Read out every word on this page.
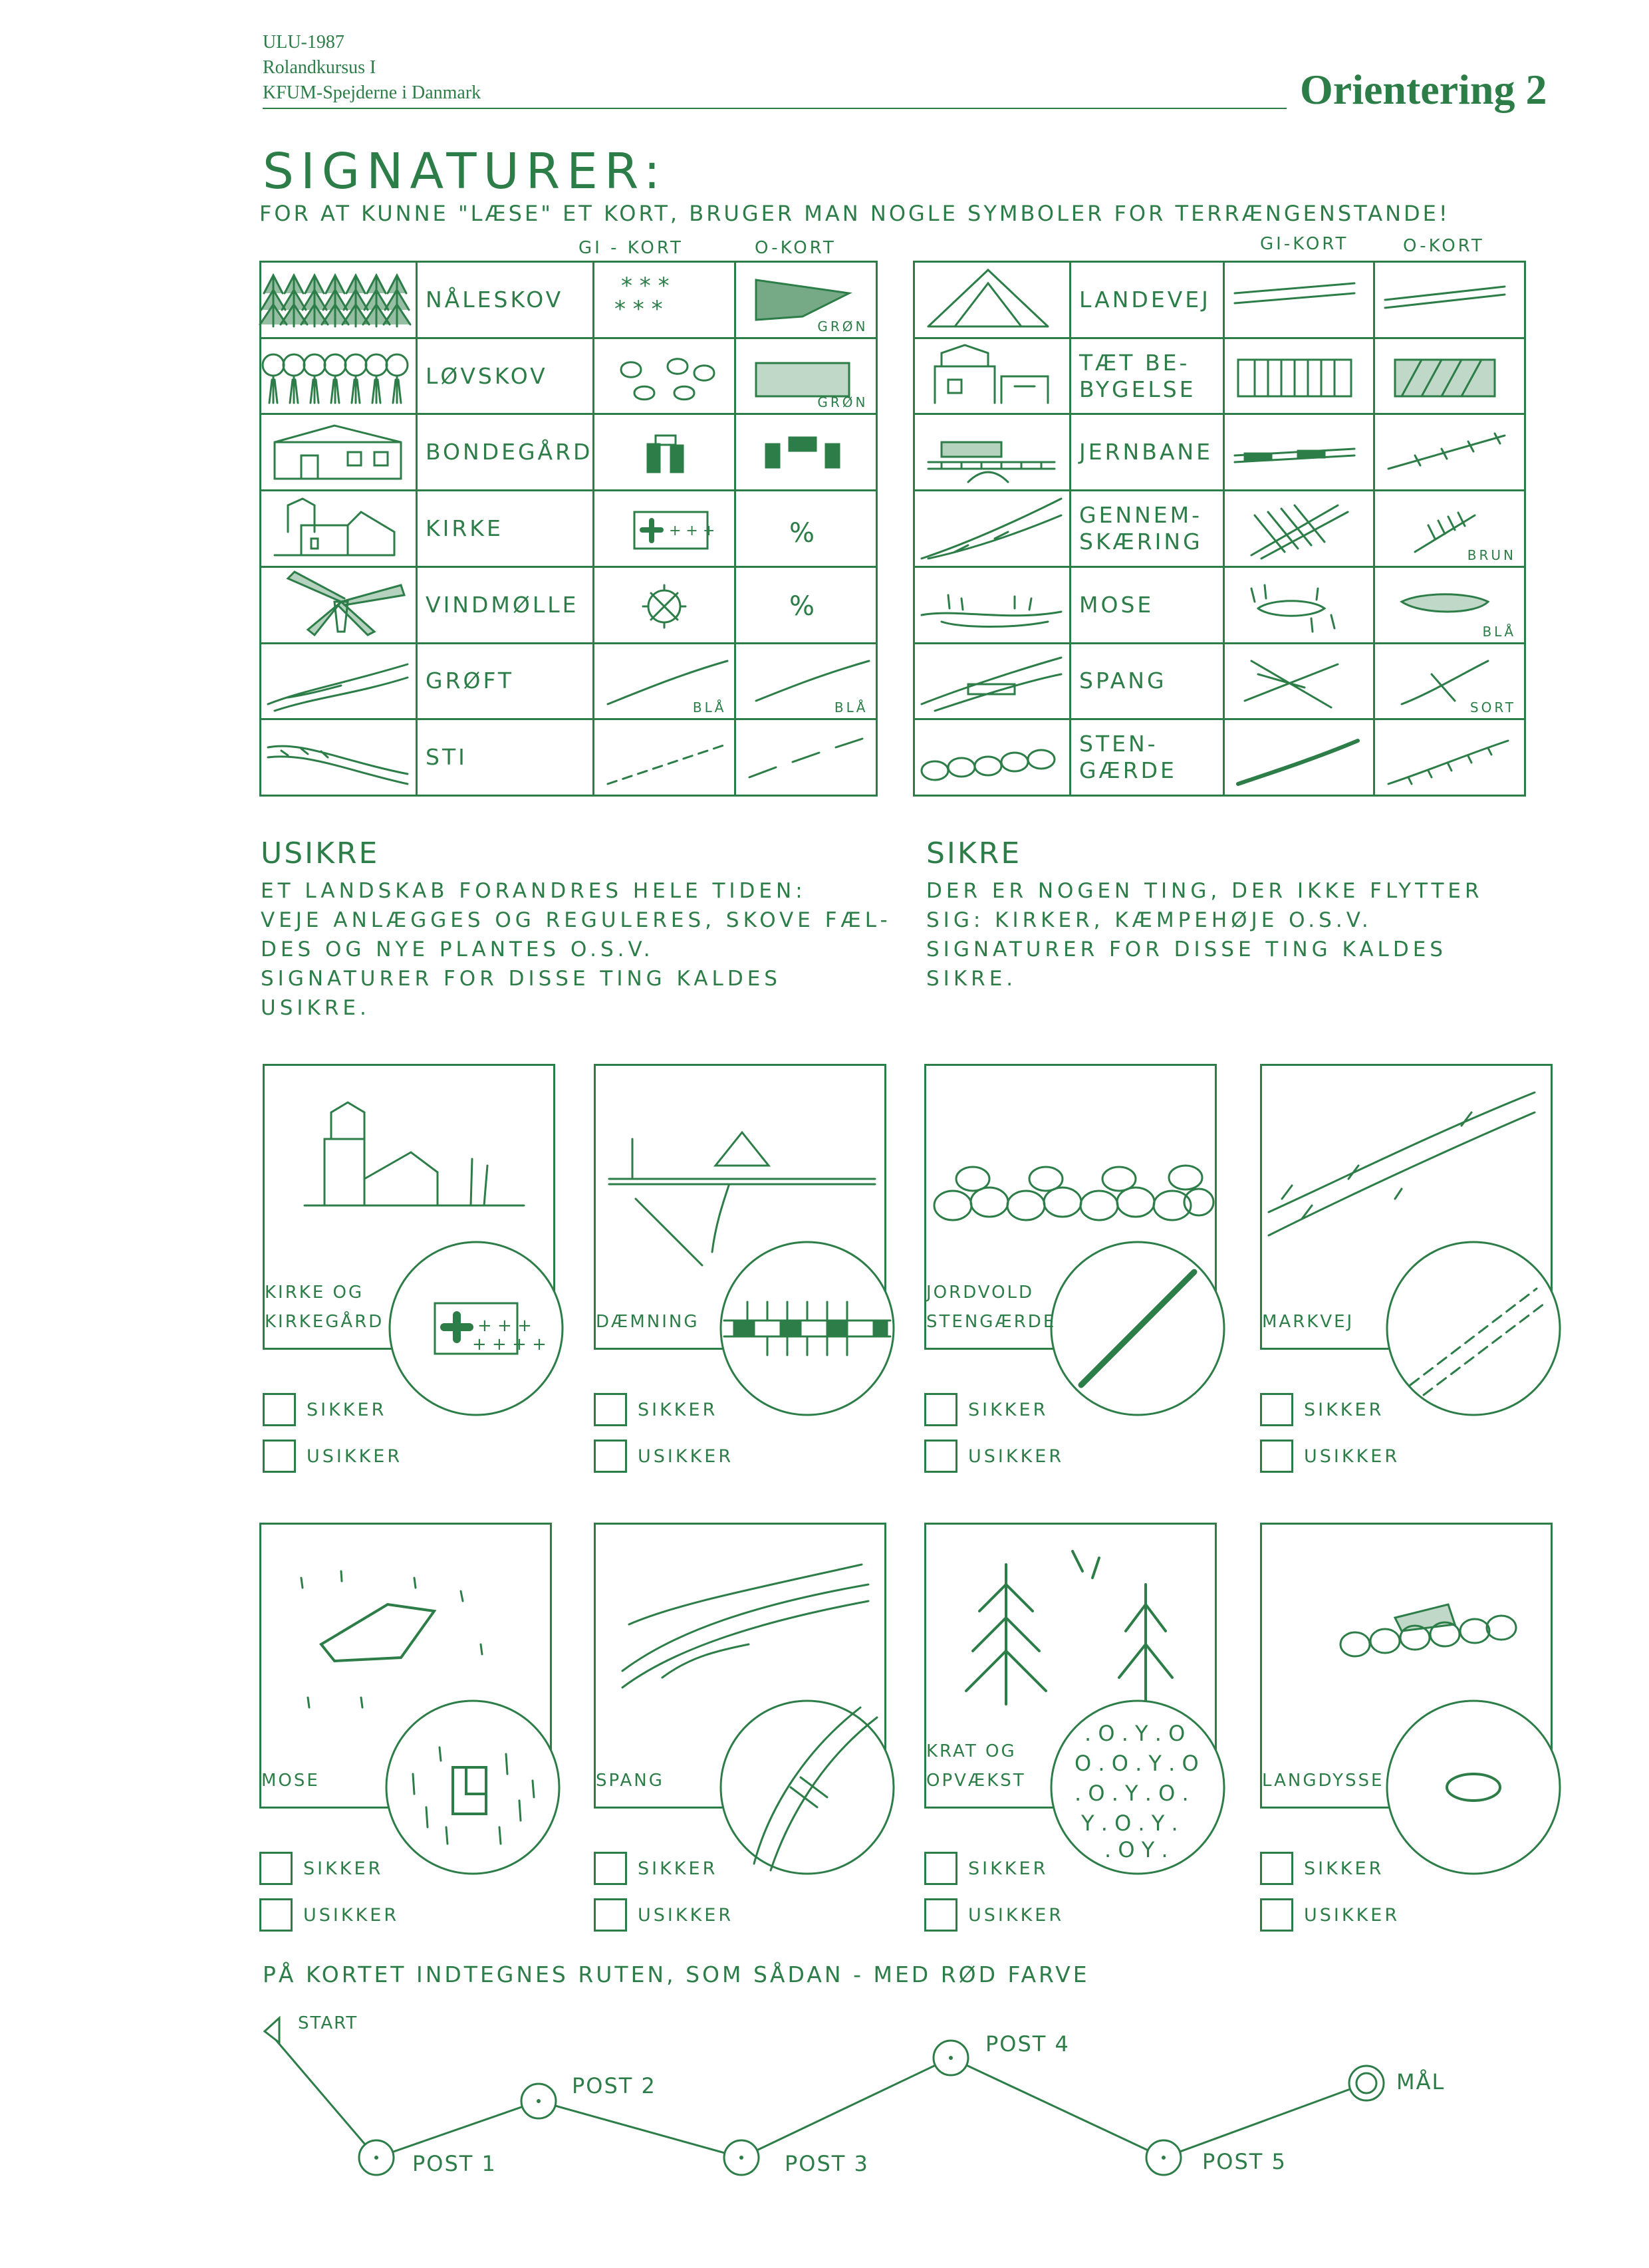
ULU-1987
Rolandkursus I
KFUM-Spejderne i Danmark	Orientering 2
SIGNATURER:
FOR AT KUNNE "LÆSE" ET KORT, BRUGER MAN NOGLE SYMBOLER FOR TERRÆNGENSTANDE!
GI - KORT	O-KORT	GI-KORT	O-KORT

NÅLESKOV	* * *
* * *	GRØN

LØVSKOV		GRØN

BONDEGÅRD

KIRKE	+ + +	%

VINDMØLLE		%

GRØFT	BLÅ	BLÅ

STI

LANDEVEJ

TÆT BE-
BYGELSE

JERNBANE

GENNEM-
SKÆRING		BRUN

MOSE		BLÅ

SPANG		SORT

STEN-
GÆRDE

USIKRE
ET LANDSKAB FORANDRES HELE TIDEN:
VEJE ANLÆGGES OG REGULERES, SKOVE FÆL-
DES OG NYE PLANTES O.S.V.
SIGNATURER FOR DISSE TING KALDES
USIKRE.
SIKRE
DER ER NOGEN TING, DER IKKE FLYTTER
SIG: KIRKER, KÆMPEHØJE O.S.V.
SIGNATURER FOR DISSE TING KALDES
SIKRE.
+ + +
+ + + +
KIRKE OG
KIRKEGÅRD
SIKKER
USIKKER
DÆMNING
SIKKER
USIKKER
JORDVOLD
STENGÆRDE
SIKKER
USIKKER
MARKVEJ
SIKKER
USIKKER
MOSE
SIKKER
USIKKER
SPANG
SIKKER
USIKKER
. O . Y . O
O . O . Y . O
. O . Y . O .
Y . O . Y .
. O Y .
KRAT OG
OPVÆKST
SIKKER
USIKKER
LANGDYSSE
SIKKER
USIKKER
PÅ KORTET INDTEGNES RUTEN, SOM SÅDAN - MED RØD FARVE
START
POST 1
POST 2
POST 3
POST 4
POST 5
MÅL
